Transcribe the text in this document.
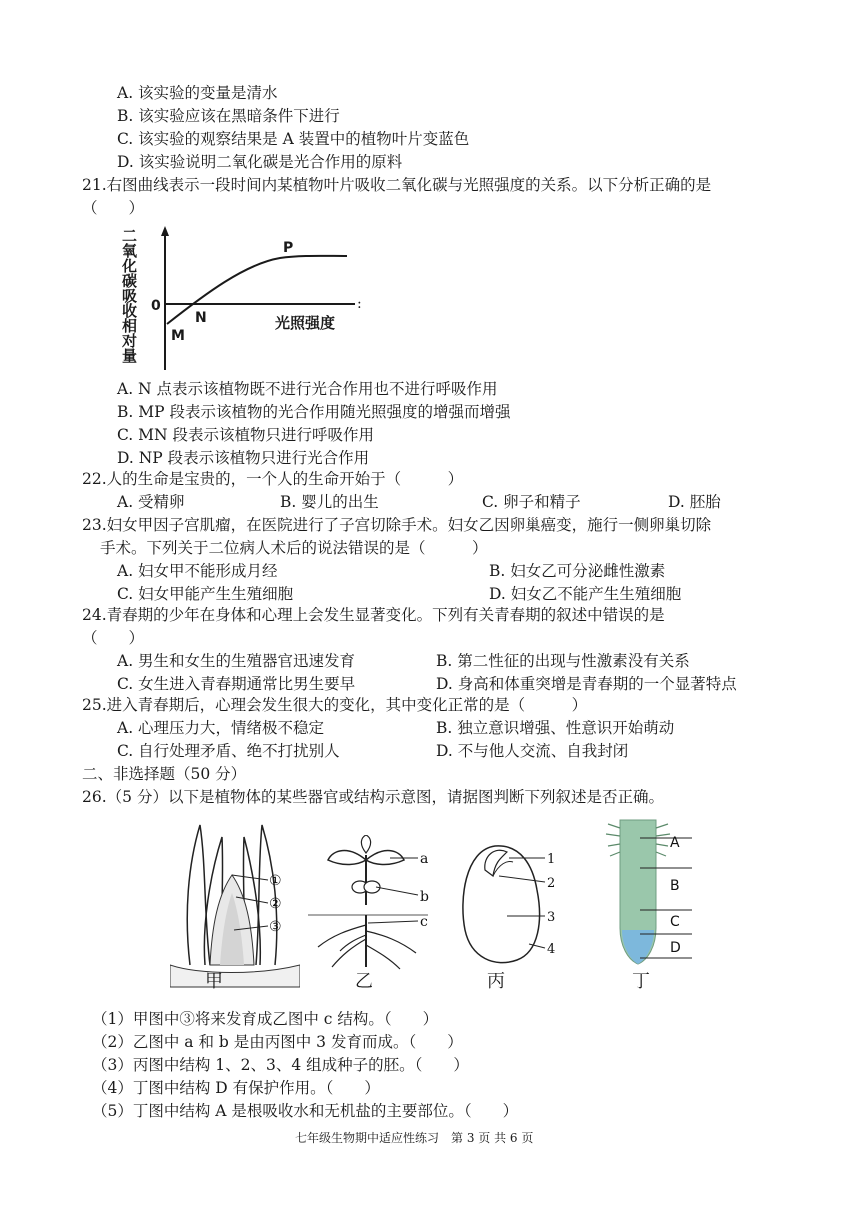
A. 该实验的变量是清水
B. 该实验应该在黑暗条件下进行
C. 该实验的观察结果是 A 装置中的植物叶片变蓝色
D. 该实验说明二氧化碳是光合作用的原料
21.右图曲线表示一段时间内某植物叶片吸收二氧化碳与光照强度的关系。以下分析正确的是
（　　）
二氧化碳吸收相对量	:
0
P
N
M
光照强度
A. N 点表示该植物既不进行光合作用也不进行呼吸作用
B. MP 段表示该植物的光合作用随光照强度的增强而增强
C. MN 段表示该植物只进行呼吸作用
D. NP 段表示该植物只进行光合作用
22.人的生命是宝贵的，一个人的生命开始于（　　　）
A. 受精卵	B. 婴儿的出生	C. 卵子和精子	D. 胚胎
23.妇女甲因子宫肌瘤，在医院进行了子宫切除手术。妇女乙因卵巢癌变，施行一侧卵巢切除
手术。下列关于二位病人术后的说法错误的是（　　　）
A. 妇女甲不能形成月经	B. 妇女乙可分泌雌性激素
C. 妇女甲能产生生殖细胞	D. 妇女乙不能产生生殖细胞
24.青春期的少年在身体和心理上会发生显著变化。下列有关青春期的叙述中错误的是
（　　）
A. 男生和女生的生殖器官迅速发育	B. 第二性征的出现与性激素没有关系
C. 女生进入青春期通常比男生要早	D. 身高和体重突增是青春期的一个显著特点
25.进入青春期后，心理会发生很大的变化，其中变化正常的是（　　　）
A. 心理压力大，情绪极不稳定	B. 独立意识增强、性意识开始萌动
C. 自行处理矛盾、绝不打扰别人	D. 不与他人交流、自我封闭
二、非选择题（50 分）
26.（5 分）以下是植物体的某些器官或结构示意图，请据图判断下列叙述是否正确。
①
②
③
甲
a
b
c
乙
1
2
3
4
丙
A
B
C
D
丁
（1）甲图中③将来发育成乙图中 c 结构。（　　）
（2）乙图中 a 和 b 是由丙图中 3 发育而成。（　　）
（3）丙图中结构 1、2、3、4 组成种子的胚。（　　）
（4）丁图中结构 D 有保护作用。（　　）
（5）丁图中结构 A 是根吸收水和无机盐的主要部位。（　　）
七年级生物期中适应性练习　第 3 页 共 6 页
